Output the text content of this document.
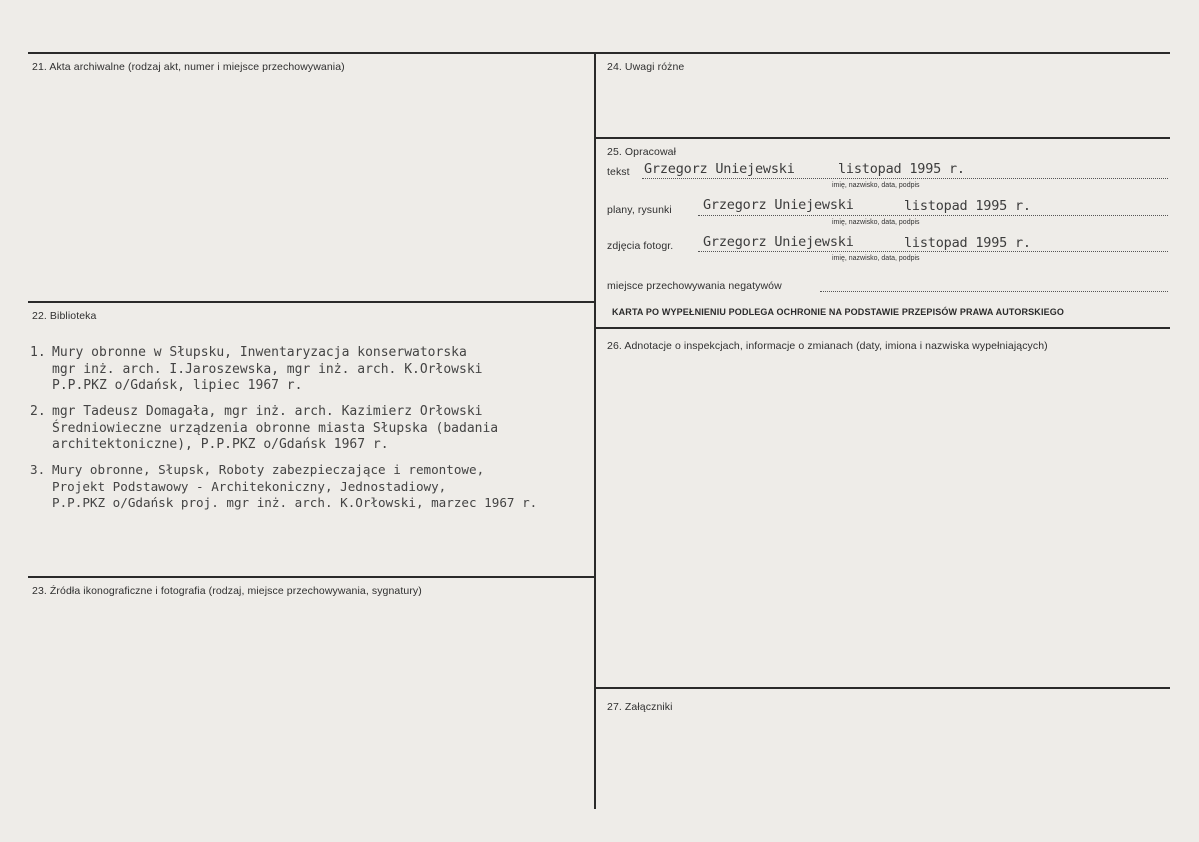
21. Akta archiwalne (rodzaj akt, numer i miejsce przechowywania)
22. Biblioteka
1. Mury obronne w Słupsku, Inwentaryzacja konserwatorska
mgr inż. arch. I.Jaroszewska, mgr inż. arch. K.Orłowski
P.P.PKZ o/Gdańsk, lipiec 1967 r.
2. mgr Tadeusz Domagała, mgr inż. arch. Kazimierz Orłowski
Średniowieczne urządzenia obronne miasta Słupska (badania
architektoniczne), P.P.PKZ o/Gdańsk 1967 r.
3. Mury obronne, Słupsk, Roboty zabezpieczające i remontowe,
Projekt Podstawowy - Architekoniczny, Jednostadiowy,
P.P.PKZ o/Gdańsk proj. mgr inż. arch. K.Orłowski, marzec 1967 r.
23. Źródła ikonograficzne i fotografia (rodzaj, miejsce przechowywania, sygnatury)
24. Uwagi różne
25. Opracował
tekst Grzegorz Uniejewski	listopad 1995 r.
imię, nazwisko, data, podpis
plany, rysunki Grzegorz Uniejewski	listopad 1995 r.
imię, nazwisko, data, podpis
zdjęcia fotogr. Grzegorz Uniejewski	listopad 1995 r.
imię, nazwisko, data, podpis
miejsce przechowywania negatywów
KARTA PO WYPEŁNIENIU PODLEGA OCHRONIE NA PODSTAWIE PRZEPISÓW PRAWA AUTORSKIEGO
26. Adnotacje o inspekcjach, informacje o zmianach (daty, imiona i nazwiska wypełniających)
27. Załączniki
